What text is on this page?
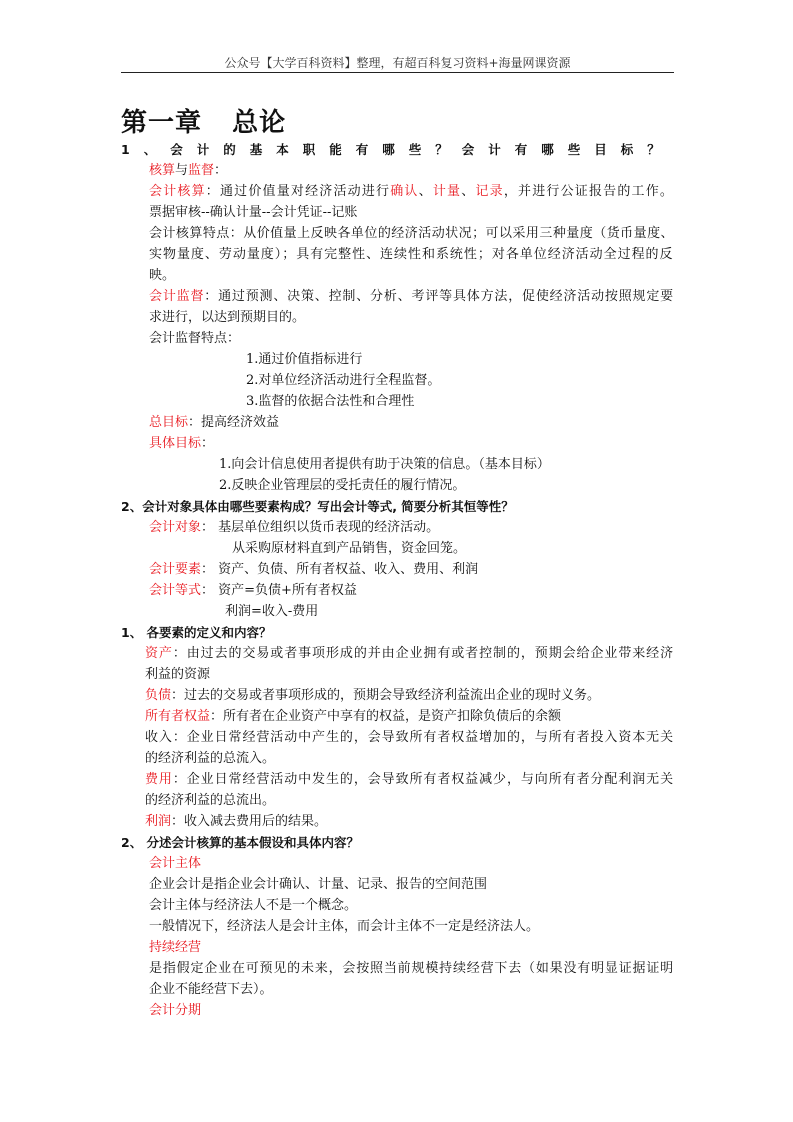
公众号【大学百科资料】整理，有超百科复习资料+海量网课资源
第一章   总论
1、会计的基本职能有哪些？会计有哪些目标？
核算与监督：
会计核算：通过价值量对经济活动进行确认、计量、记录，并进行公证报告的工作。
票据审核--确认计量--会计凭证--记账
会计核算特点：从价值量上反映各单位的经济活动状况；可以采用三种量度（货币量度、
实物量度、劳动量度）；具有完整性、连续性和系统性；对各单位经济活动全过程的反
映。
会计监督：通过预测、决策、控制、分析、考评等具体方法，促使经济活动按照规定要
求进行，以达到预期目的。
会计监督特点：
1.通过价值指标进行
2.对单位经济活动进行全程监督。
3.监督的依据合法性和合理性
总目标：提高经济效益
具体目标：
1.向会计信息使用者提供有助于决策的信息。（基本目标）
2.反映企业管理层的受托责任的履行情况。
2、会计对象具体由哪些要素构成？写出会计等式, 简要分析其恒等性？
会计对象： 基层单位组织以货币表现的经济活动。
从采购原材料直到产品销售，资金回笼。
会计要素： 资产、负债、所有者权益、收入、费用、利润
会计等式： 资产=负债+所有者权益
利润=收入-费用
1、 各要素的定义和内容？
资产：由过去的交易或者事项形成的并由企业拥有或者控制的，预期会给企业带来经济
利益的资源
负债：过去的交易或者事项形成的，预期会导致经济利益流出企业的现时义务。
所有者权益：所有者在企业资产中享有的权益，是资产扣除负债后的余额
收入：企业日常经营活动中产生的，会导致所有者权益增加的，与所有者投入资本无关
的经济利益的总流入。
费用：企业日常经营活动中发生的，会导致所有者权益减少，与向所有者分配利润无关
的经济利益的总流出。
利润：收入减去费用后的结果。
2、 分述会计核算的基本假设和具体内容？
会计主体
企业会计是指企业会计确认、计量、记录、报告的空间范围
会计主体与经济法人不是一个概念。
一般情况下，经济法人是会计主体，而会计主体不一定是经济法人。
持续经营
是指假定企业在可预见的未来，会按照当前规模持续经营下去（如果没有明显证据证明
企业不能经营下去）。
会计分期
